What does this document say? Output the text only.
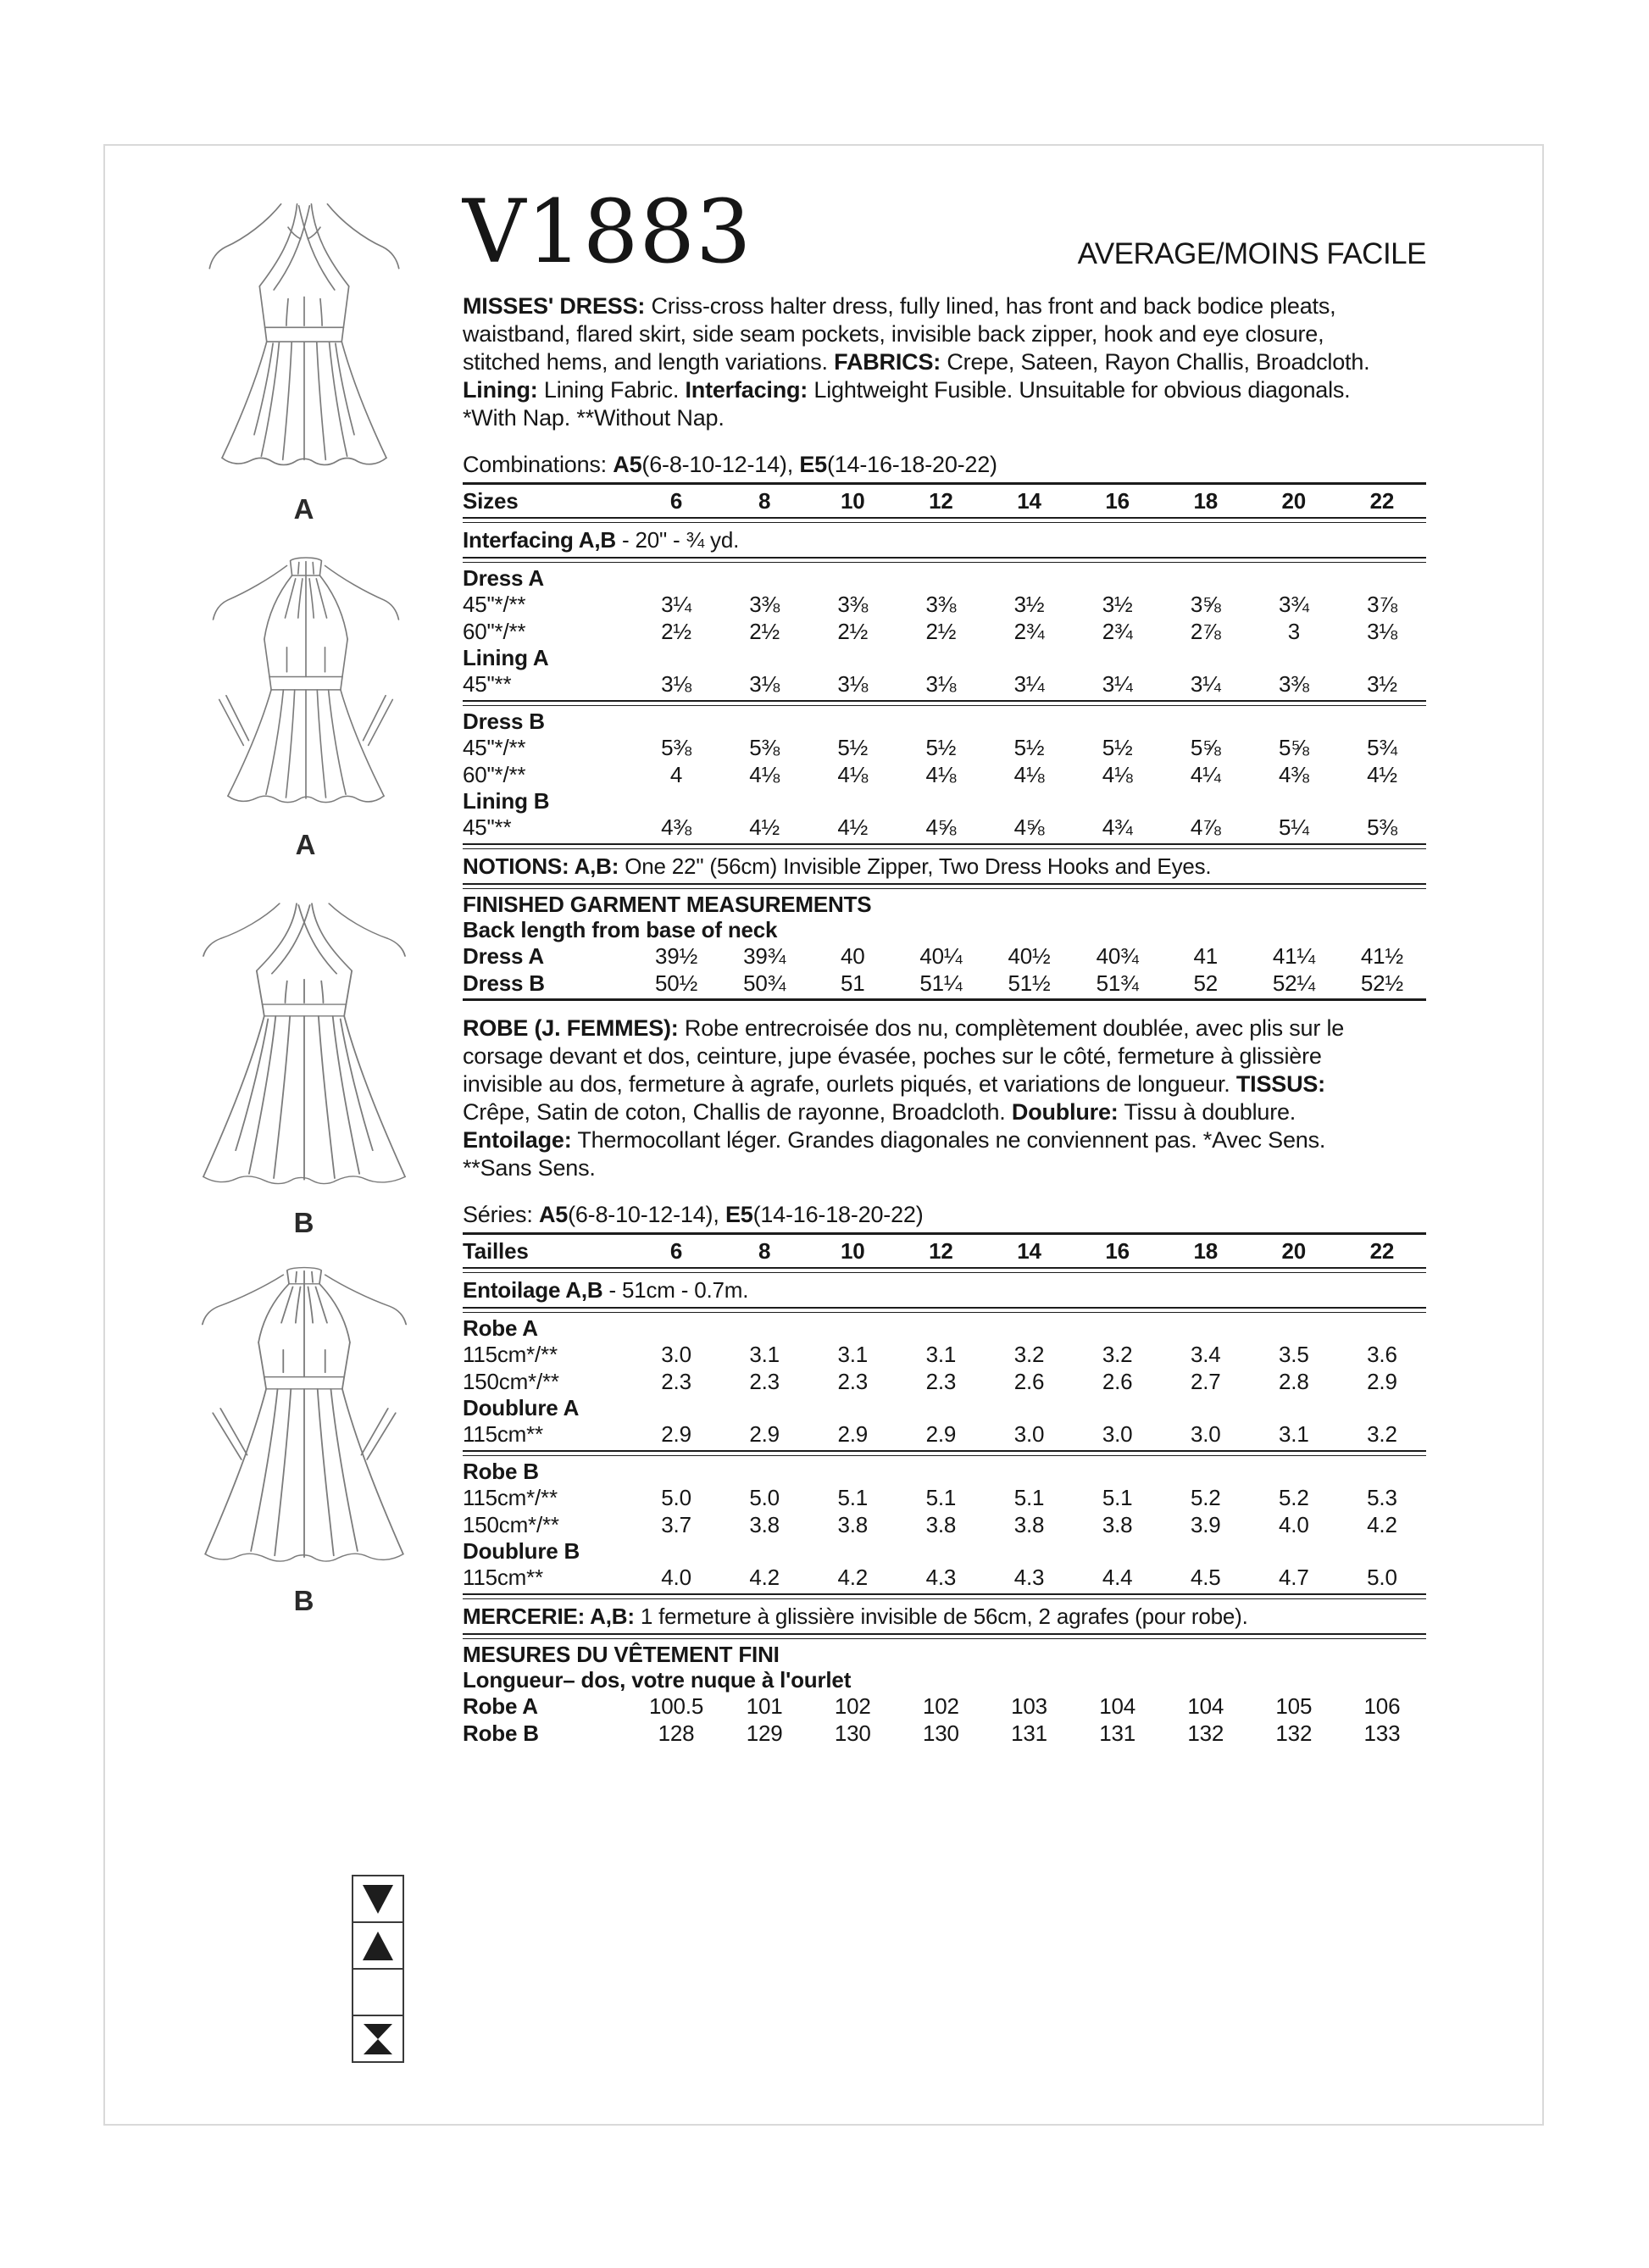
A
A
B
B
V1883	AVERAGE/MOINS FACILE
MISSES' DRESS: Criss-cross halter dress, fully lined, has front and back bodice pleats, waistband, flared skirt, side seam pockets, invisible back zipper, hook and eye closure, stitched hems, and length variations. FABRICS: Crepe, Sateen, Rayon Challis, Broadcloth. Lining: Lining Fabric. Interfacing: Lightweight Fusible. Unsuitable for obvious diagonals. *With Nap. **Without Nap.
Combinations: A5(6-8-10-12-14), E5(14-16-18-20-22)
Sizes	6	8	10	12	14	16	18	20	22
Interfacing A,B - 20" - ¾ yd.
Dress A
45"*/**	3¼	3⅜	3⅜	3⅜	3½	3½	3⅝	3¾	3⅞
60"*/**	2½	2½	2½	2½	2¾	2¾	2⅞	3	3⅛
Lining A
45"**	3⅛	3⅛	3⅛	3⅛	3¼	3¼	3¼	3⅜	3½
Dress B
45"*/**	5⅜	5⅜	5½	5½	5½	5½	5⅝	5⅝	5¾
60"*/**	4	4⅛	4⅛	4⅛	4⅛	4⅛	4¼	4⅜	4½
Lining B
45"**	4⅜	4½	4½	4⅝	4⅝	4¾	4⅞	5¼	5⅜
NOTIONS: A,B: One 22" (56cm) Invisible Zipper, Two Dress Hooks and Eyes.
FINISHED GARMENT MEASUREMENTS
Back length from base of neck
Dress A	39½	39¾	40	40¼	40½	40¾	41	41¼	41½
Dress B	50½	50¾	51	51¼	51½	51¾	52	52¼	52½
ROBE (J. FEMMES): Robe entrecroisée dos nu, complètement doublée, avec plis sur le corsage devant et dos, ceinture, jupe évasée, poches sur le côté, fermeture à glissière invisible au dos, fermeture à agrafe, ourlets piqués, et variations de longueur. TISSUS: Crêpe, Satin de coton, Challis de rayonne, Broadcloth. Doublure: Tissu à doublure. Entoilage: Thermocollant léger. Grandes diagonales ne conviennent pas. *Avec Sens. **Sans Sens.
Séries: A5(6-8-10-12-14), E5(14-16-18-20-22)
Tailles	6	8	10	12	14	16	18	20	22
Entoilage A,B - 51cm - 0.7m.
Robe A
115cm*/**	3.0	3.1	3.1	3.1	3.2	3.2	3.4	3.5	3.6
150cm*/**	2.3	2.3	2.3	2.3	2.6	2.6	2.7	2.8	2.9
Doublure A
115cm**	2.9	2.9	2.9	2.9	3.0	3.0	3.0	3.1	3.2
Robe B
115cm*/**	5.0	5.0	5.1	5.1	5.1	5.1	5.2	5.2	5.3
150cm*/**	3.7	3.8	3.8	3.8	3.8	3.8	3.9	4.0	4.2
Doublure B
115cm**	4.0	4.2	4.2	4.3	4.3	4.4	4.5	4.7	5.0
MERCERIE: A,B: 1 fermeture à glissière invisible de 56cm, 2 agrafes (pour robe).
MESURES DU VÊTEMENT FINI
Longueur– dos, votre nuque à l'ourlet
Robe A	100.5	101	102	102	103	104	104	105	106
Robe B	128	129	130	130	131	131	132	132	133
